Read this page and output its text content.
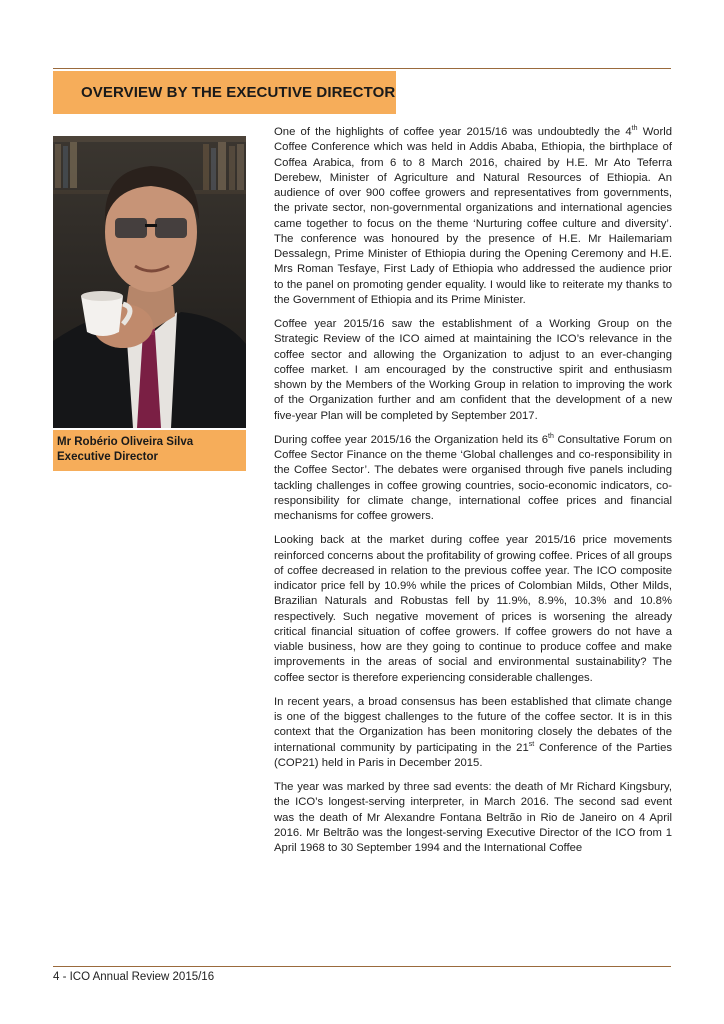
OVERVIEW BY THE EXECUTIVE DIRECTOR
Mr Robério Oliveira Silva
Executive Director

One of the highlights of coffee year 2015/16 was undoubtedly the 4th World Coffee Conference which was held in Addis Ababa, Ethiopia, the birthplace of Coffea Arabica, from 6 to 8 March 2016, chaired by H.E. Mr Ato Teferra Derebew, Minister of Agriculture and Natural Resources of Ethiopia. An audience of over 900 coffee growers and representatives from governments, the private sector, non-governmental organizations and international agencies came together to focus on the theme ‘Nurturing coffee culture and diversity’. The conference was honoured by the presence of H.E. Mr Hailemariam Dessalegn, Prime Minister of Ethiopia during the Opening Ceremony and H.E. Mrs Roman Tesfaye, First Lady of Ethiopia who addressed the audience prior to the panel on promoting gender equality. I would like to reiterate my thanks to the Government of Ethiopia and its Prime Minister.

Coffee year 2015/16 saw the establishment of a Working Group on the Strategic Review of the ICO aimed at maintaining the ICO’s relevance in the coffee sector and allowing the Organization to adjust to an ever-changing coffee market. I am encouraged by the constructive spirit and enthusiasm shown by the Members of the Working Group in relation to improving the work of the Organization further and am confident that the development of a new five-year Plan will be completed by September 2017.

During coffee year 2015/16 the Organization held its 6th Consultative Forum on Coffee Sector Finance on the theme ‘Global challenges and co-responsibility in the Coffee Sector’. The debates were organised through five panels including tackling challenges in coffee growing countries, socio-economic indicators, co-responsibility for climate change, international coffee prices and financial mechanisms for coffee growers.

Looking back at the market during coffee year 2015/16 price movements reinforced concerns about the profitability of growing coffee. Prices of all groups of coffee decreased in relation to the previous coffee year. The ICO composite indicator price fell by 10.9% while the prices of Colombian Milds, Other Milds, Brazilian Naturals and Robustas fell by 11.9%, 8.9%, 10.3% and 10.8% respectively. Such negative movement of prices is worsening the already critical financial situation of coffee growers. If coffee growers do not have a viable business, how are they going to continue to produce coffee and make improvements in the areas of social and environmental sustainability? The coffee sector is therefore experiencing considerable challenges.

In recent years, a broad consensus has been established that climate change is one of the biggest challenges to the future of the coffee sector. It is in this context that the Organization has been monitoring closely the debates of the international community by participating in the 21st Conference of the Parties (COP21) held in Paris in December 2015.

The year was marked by three sad events: the death of Mr Richard Kingsbury, the ICO’s longest-serving interpreter, in March 2016. The second sad event was the death of Mr Alexandre Fontana Beltrão in Rio de Janeiro on 4 April 2016. Mr Beltrão was the longest-serving Executive Director of the ICO from 1 April 1968 to 30 September 1994 and the International Coffee

4 - ICO Annual Review 2015/16
